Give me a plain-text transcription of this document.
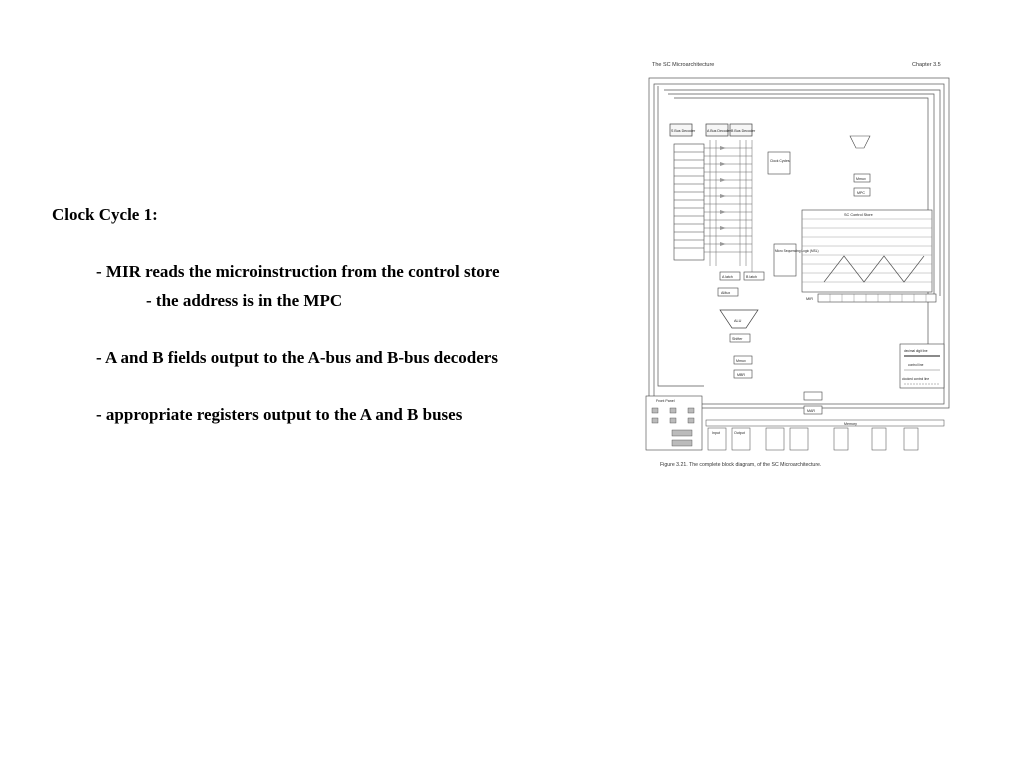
Clock Cycle 1:
- MIR reads the microinstruction from the control store
- the address is in the MPC
- A and B fields output to the A-bus and B-bus decoders
- appropriate registers output to the A and B buses
The SC Microarchitecture	Chapter 3.5
S Bus Decoder	A Bus Decoder B Bus Decoder
Clock Cycles
Mmux
MPC
SC Control Store
Micro Sequencing Logic (MSL)
MIR
A latch	B latch
AMux
ALU
Shifter
Mmux
MBR
MAR
decimal digit line
control line
clocked control line
Front Panel
Memory
Input	Output
Figure 3.21. The complete block diagram, of the SC Microarchitecture.
